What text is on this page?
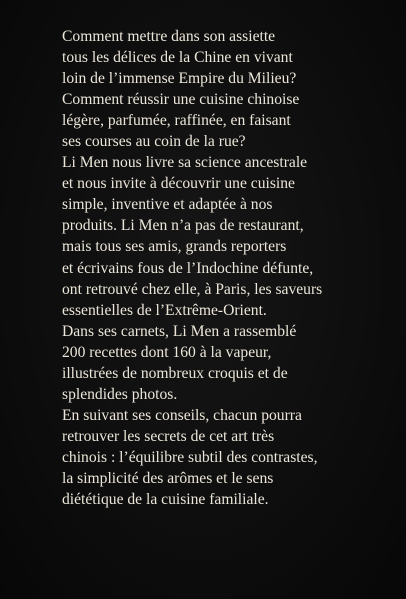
Comment mettre dans son assiette
tous les délices de la Chine en vivant
loin de l’immense Empire du Milieu?
Comment réussir une cuisine chinoise
légère, parfumée, raffinée, en faisant
ses courses au coin de la rue?
Li Men nous livre sa science ancestrale
et nous invite à découvrir une cuisine
simple, inventive et adaptée à nos
produits. Li Men n’a pas de restaurant,
mais tous ses amis, grands reporters
et écrivains fous de l’Indochine défunte,
ont retrouvé chez elle, à Paris, les saveurs
essentielles de l’Extrême-Orient.
Dans ses carnets, Li Men a rassemblé
200 recettes dont 160 à la vapeur,
illustrées de nombreux croquis et de
splendides photos.
En suivant ses conseils, chacun pourra
retrouver les secrets de cet art très
chinois : l’équilibre subtil des contrastes,
la simplicité des arômes et le sens
diététique de la cuisine familiale.
